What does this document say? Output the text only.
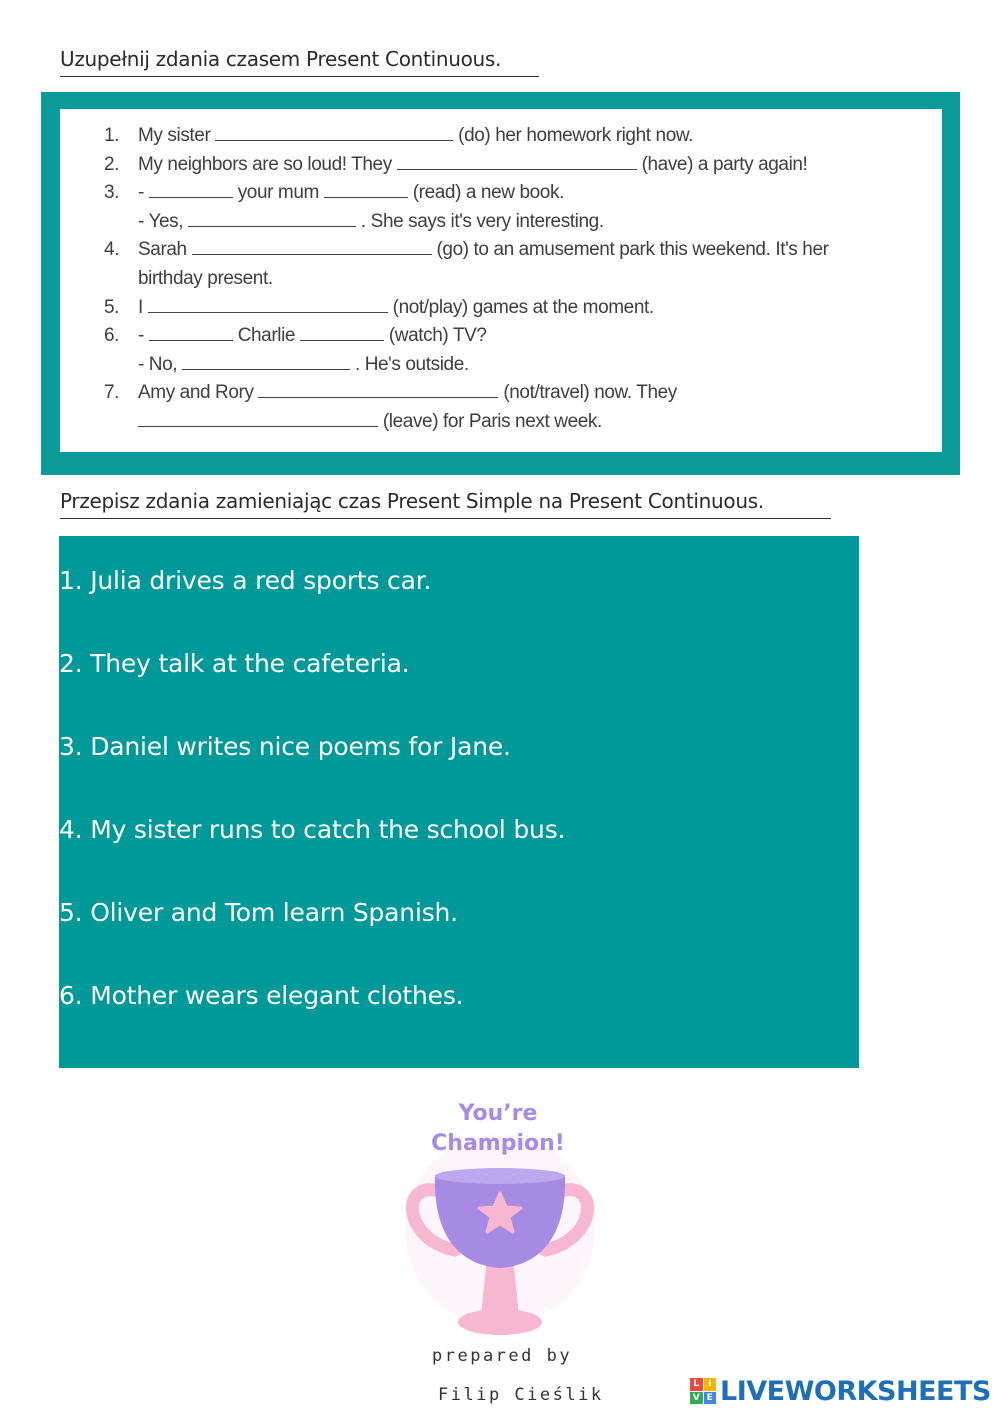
Uzupełnij zdania czasem Present Continuous.
1. My sister	(do) her homework right now.
2. My neighbors are so loud! They	(have) a party again!
3. -	your mum	(read) a new book.
- Yes,	. She says it's very interesting.
4. Sarah	(go) to an amusement park this weekend. It's her
birthday present.
5. I	(not/play) games at the moment.
6. -	Charlie	(watch) TV?
- No,	. He's outside.
7. Amy and Rory	(not/travel) now. They
(leave) for Paris next week.
Przepisz zdania zamieniając czas Present Simple na Present Continuous.
1. Julia drives a red sports car.
2. They talk at the cafeteria.
3. Daniel writes nice poems for Jane.
4. My sister runs to catch the school bus.
5. Oliver and Tom learn Spanish.
6. Mother wears elegant clothes.
You’re
Champion!
prepared by
Filip Cieślik
L I
V E LIVEWORKSHEETS
